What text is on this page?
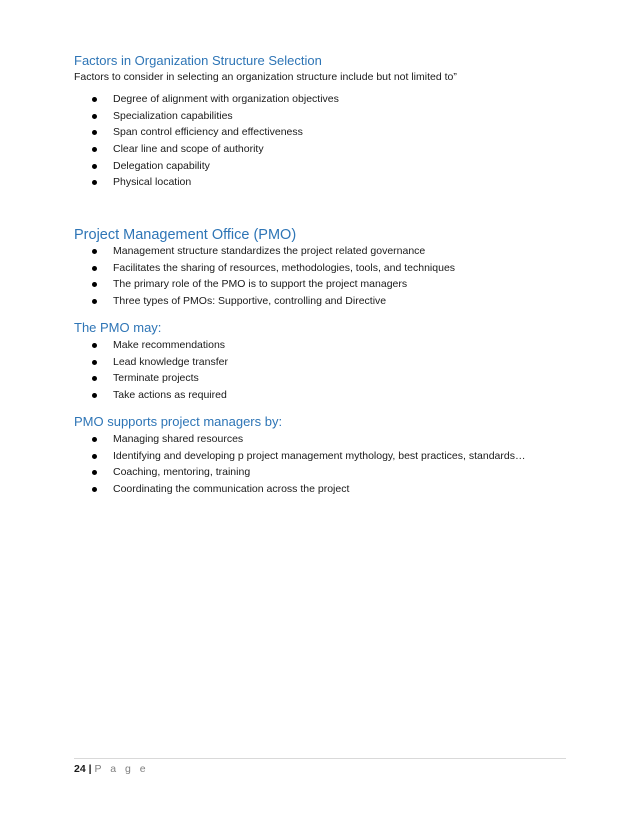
Factors in Organization Structure Selection
Factors to consider in selecting an organization structure include but not limited to”
Degree of alignment with organization objectives
Specialization capabilities
Span control efficiency and effectiveness
Clear line and scope of authority
Delegation capability
Physical location
Project Management Office (PMO)
Management structure standardizes the project related governance
Facilitates the sharing of resources, methodologies, tools, and techniques
The primary role of the PMO is to support the project managers
Three types of PMOs: Supportive, controlling and Directive
The PMO may:
Make recommendations
Lead knowledge transfer
Terminate projects
Take actions as required
PMO supports project managers by:
Managing shared resources
Identifying and developing p project management mythology, best practices, standards…
Coaching, mentoring, training
Coordinating the communication across the project
24 | P a g e
